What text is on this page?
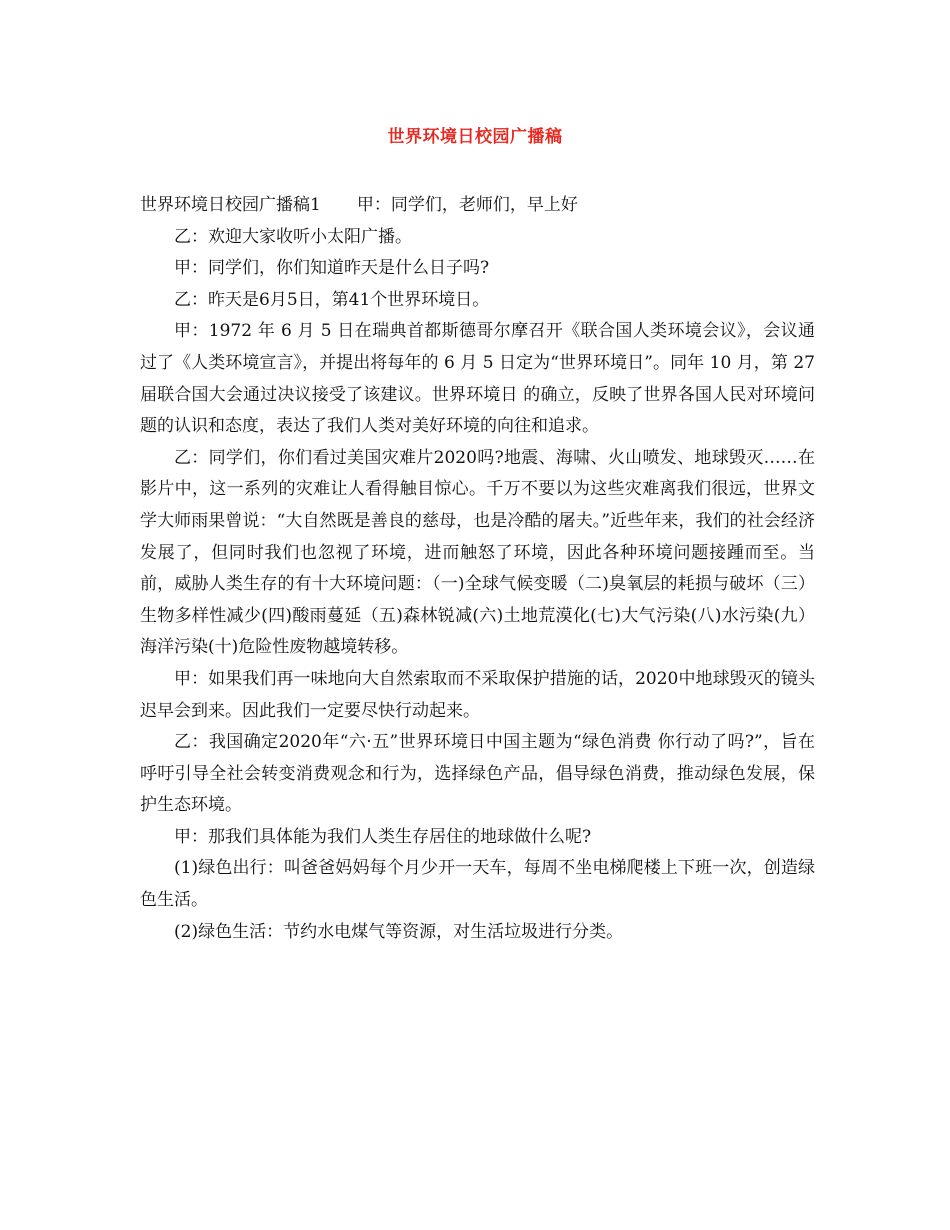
世界环境日校园广播稿

世界环境日校园广播稿1 甲：同学们，老师们，早上好

乙：欢迎大家收听小太阳广播。

甲：同学们，你们知道昨天是什么日子吗?

乙：昨天是6月5日，第41个世界环境日。

甲：1972 年 6 月 5 日在瑞典首都斯德哥尔摩召开《联合国人类环境会议》，会议通过了《人类环境宣言》，并提出将每年的 6 月 5 日定为“世界环境日”。同年 10 月，第 27 届联合国大会通过决议接受了该建议。世界环境日 的确立，反映了世界各国人民对环境问题的认识和态度，表达了我们人类对美好环境的向往和追求。

乙：同学们，你们看过美国灾难片2020吗?地震、海啸、火山喷发、地球毁灭……在影片中，这一系列的灾难让人看得触目惊心。千万不要以为这些灾难离我们很远，世界文学大师雨果曾说：“大自然既是善良的慈母，也是冷酷的屠夫。”近些年来，我们的社会经济发展了，但同时我们也忽视了环境，进而触怒了环境，因此各种环境问题接踵而至。当前，威胁人类生存的有十大环境问题：（一)全球气候变暖（二)臭氧层的耗损与破坏（三）生物多样性减少(四)酸雨蔓延（五)森林锐减(六)土地荒漠化(七)大气污染(八)水污染(九）海洋污染(十)危险性废物越境转移。

甲：如果我们再一味地向大自然索取而不采取保护措施的话，2020中地球毁灭的镜头迟早会到来。因此我们一定要尽快行动起来。

乙：我国确定2020年“六·五”世界环境日中国主题为“绿色消费 你行动了吗?”，旨在呼吁引导全社会转变消费观念和行为，选择绿色产品，倡导绿色消费，推动绿色发展，保护生态环境。

甲：那我们具体能为我们人类生存居住的地球做什么呢?

(1)绿色出行：叫爸爸妈妈每个月少开一天车，每周不坐电梯爬楼上下班一次，创造绿色生活。

(2)绿色生活：节约水电煤气等资源，对生活垃圾进行分类。
